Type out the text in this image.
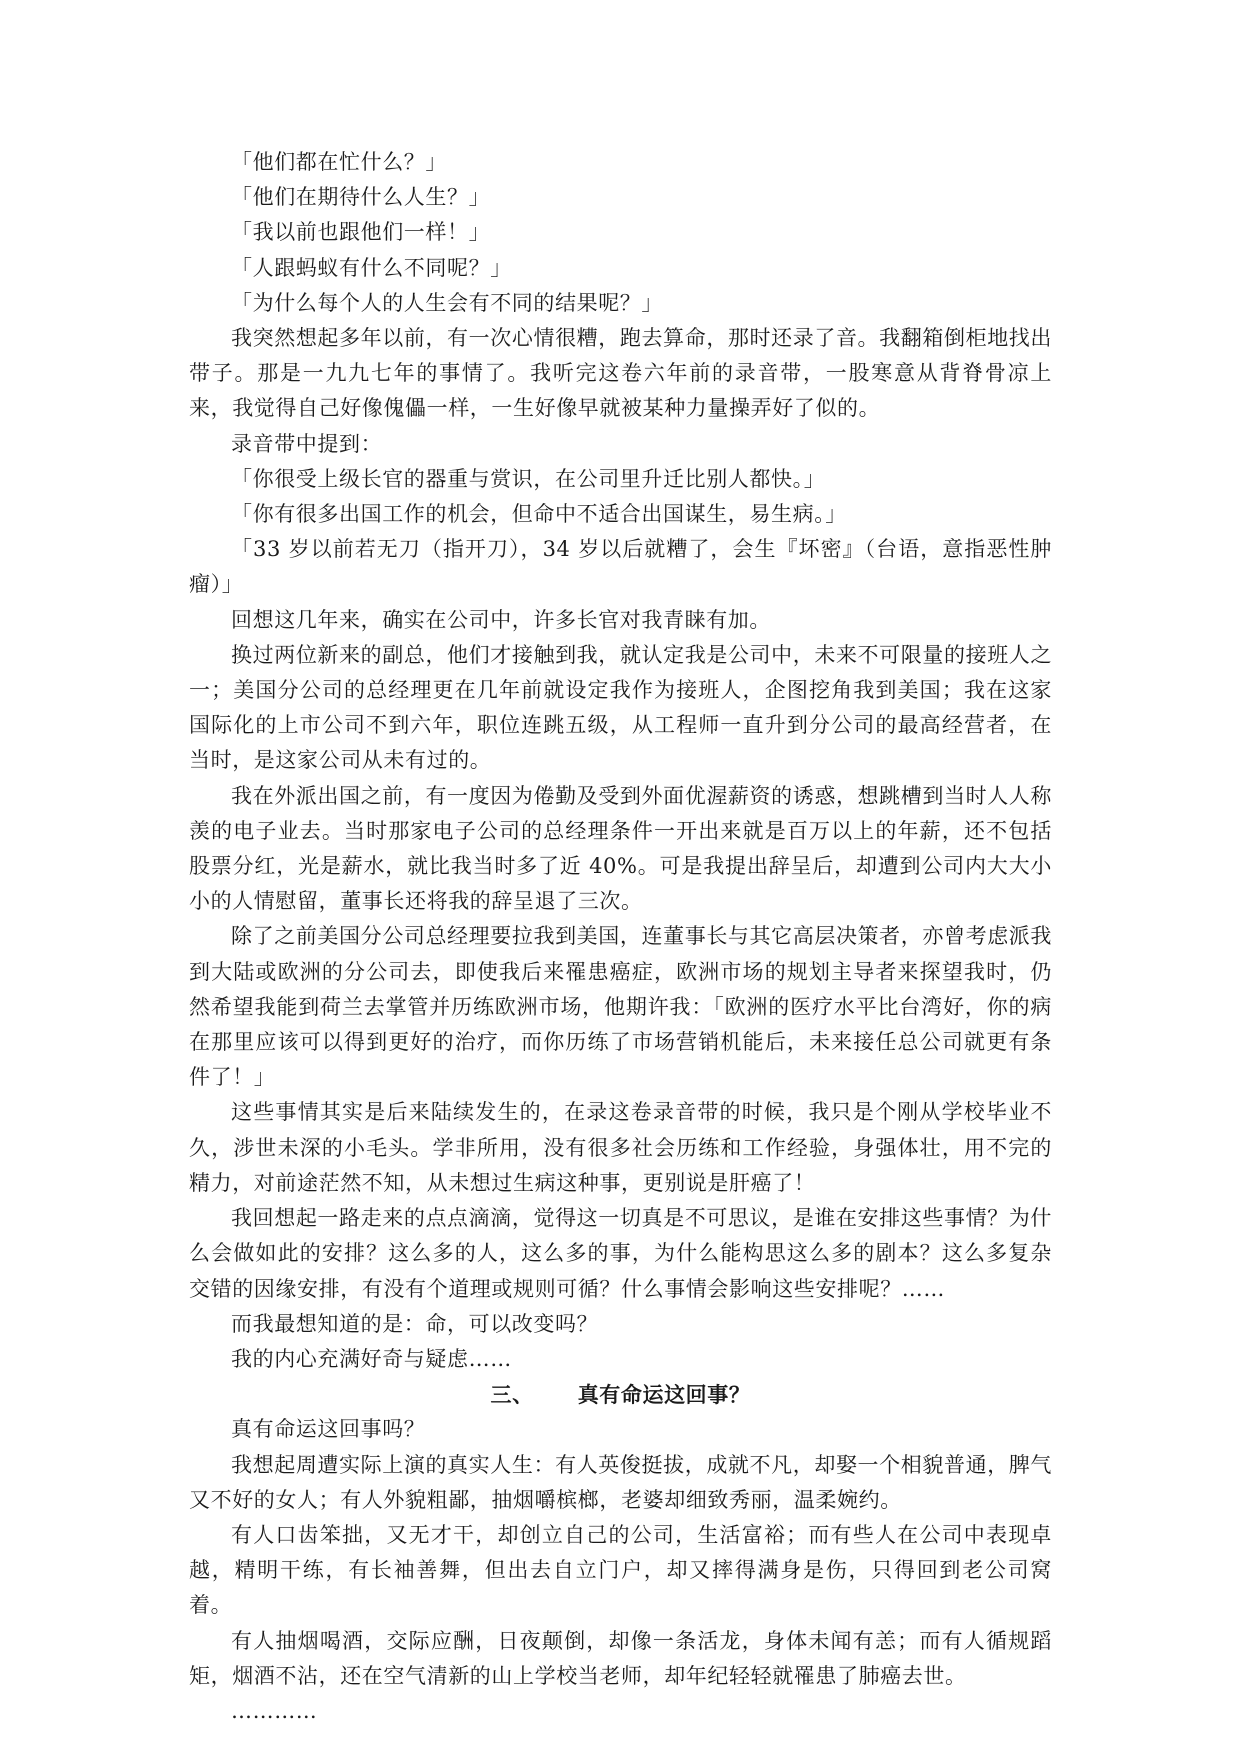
「他们都在忙什么？」

「他们在期待什么人生？」

「我以前也跟他们一样！」

「人跟蚂蚁有什么不同呢？」

「为什么每个人的人生会有不同的结果呢？」

我突然想起多年以前，有一次心情很糟，跑去算命，那时还录了音。我翻箱倒柜地找出带子。那是一九九七年的事情了。我听完这卷六年前的录音带，一股寒意从背脊骨凉上来，我觉得自己好像傀儡一样，一生好像早就被某种力量操弄好了似的。

录音带中提到：

「你很受上级长官的器重与赏识，在公司里升迁比别人都快。」

「你有很多出国工作的机会，但命中不适合出国谋生，易生病。」

「33 岁以前若无刀（指开刀），34 岁以后就糟了，会生『坏密』（台语，意指恶性肿瘤）」

回想这几年来，确实在公司中，许多长官对我青睐有加。

换过两位新来的副总，他们才接触到我，就认定我是公司中，未来不可限量的接班人之一；美国分公司的总经理更在几年前就设定我作为接班人，企图挖角我到美国；我在这家国际化的上市公司不到六年，职位连跳五级，从工程师一直升到分公司的最高经营者，在当时，是这家公司从未有过的。

我在外派出国之前，有一度因为倦勤及受到外面优渥薪资的诱惑，想跳槽到当时人人称羡的电子业去。当时那家电子公司的总经理条件一开出来就是百万以上的年薪，还不包括股票分红，光是薪水，就比我当时多了近 40%。可是我提出辞呈后，却遭到公司内大大小小的人情慰留，董事长还将我的辞呈退了三次。

除了之前美国分公司总经理要拉我到美国，连董事长与其它高层决策者，亦曾考虑派我到大陆或欧洲的分公司去，即使我后来罹患癌症，欧洲市场的规划主导者来探望我时，仍然希望我能到荷兰去掌管并历练欧洲市场，他期许我：「欧洲的医疗水平比台湾好，你的病在那里应该可以得到更好的治疗，而你历练了市场营销机能后，未来接任总公司就更有条件了！」

这些事情其实是后来陆续发生的，在录这卷录音带的时候，我只是个刚从学校毕业不久，涉世未深的小毛头。学非所用，没有很多社会历练和工作经验，身强体壮，用不完的精力，对前途茫然不知，从未想过生病这种事，更别说是肝癌了！

我回想起一路走来的点点滴滴，觉得这一切真是不可思议，是谁在安排这些事情？为什么会做如此的安排？这么多的人，这么多的事，为什么能构思这么多的剧本？这么多复杂交错的因缘安排，有没有个道理或规则可循？什么事情会影响这些安排呢？……

而我最想知道的是：命，可以改变吗？

我的内心充满好奇与疑虑……

三、 真有命运这回事？

真有命运这回事吗？

我想起周遭实际上演的真实人生：有人英俊挺拔，成就不凡，却娶一个相貌普通，脾气又不好的女人；有人外貌粗鄙，抽烟嚼槟榔，老婆却细致秀丽，温柔婉约。

有人口齿笨拙，又无才干，却创立自己的公司，生活富裕；而有些人在公司中表现卓越，精明干练，有长袖善舞，但出去自立门户，却又摔得满身是伤，只得回到老公司窝着。

有人抽烟喝酒，交际应酬，日夜颠倒，却像一条活龙，身体未闻有恙；而有人循规蹈矩，烟酒不沾，还在空气清新的山上学校当老师，却年纪轻轻就罹患了肺癌去世。

…………
